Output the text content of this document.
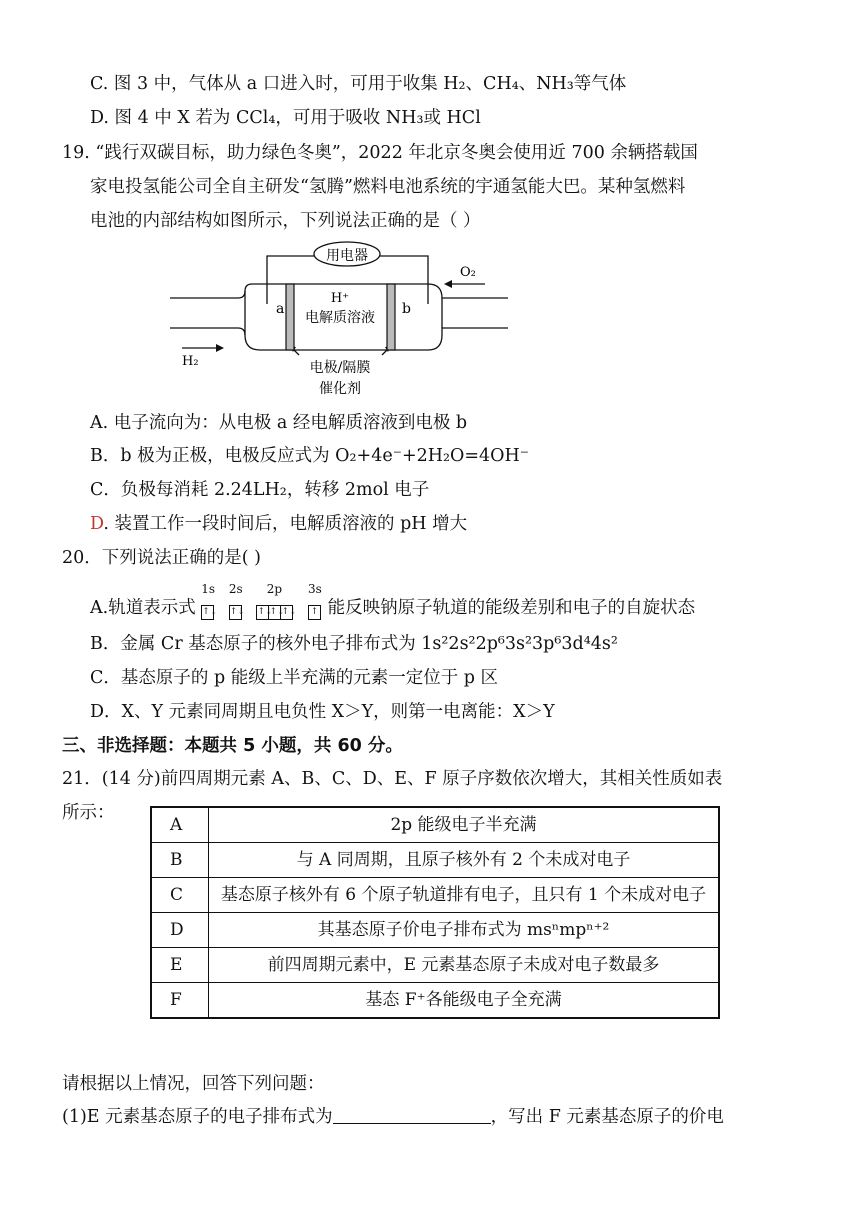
C. 图 3 中，气体从 a 口进入时，可用于收集 H₂、CH₄、NH₃等气体
D. 图 4 中 X 若为 CCl₄，可用于吸收 NH₃或 HCl
19. “践行双碳目标，助力绿色冬奥”，2022 年北京冬奥会使用近 700 余辆搭载国
家电投氢能公司全自主研发“氢腾”燃料电池系统的宇通氢能大巴。某种氢燃料
电池的内部结构如图所示，下列说法正确的是（ ）
用电器
O₂
H₂
H⁺
电解质溶液
a	b
电极/隔膜
催化剂
A. 电子流向为：从电极 a 经电解质溶液到电极 b
B．b 极为正极，电极反应式为 O₂+4e⁻+2H₂O=4OH⁻
C．负极每消耗 2.24LH₂，转移 2mol 电子
D. 装置工作一段时间后，电解质溶液的 pH 增大
20．下列说法正确的是( )
A.轨道表示式
1s
↑↓
2s
↑↓
2p
↑↓↑↓↑↓
3s
↑ 能反映钠原子轨道的能级差别和电子的自旋状态
B．金属 Cr 基态原子的核外电子排布式为 1s²2s²2p⁶3s²3p⁶3d⁴4s²
C．基态原子的 p 能级上半充满的元素一定位于 p 区
D．X、Y 元素同周期且电负性 X＞Y，则第一电离能：X＞Y
三、非选择题：本题共 5 小题，共 60 分。
21．(14 分)前四周期元素 A、B、C、D、E、F 原子序数依次增大，其相关性质如表
所示：
A	2p 能级电子半充满
B	与 A 同周期，且原子核外有 2 个未成对电子
C	基态原子核外有 6 个原子轨道排有电子，且只有 1 个未成对电子
D	其基态原子价电子排布式为 msⁿmpⁿ⁺²
E	前四周期元素中，E 元素基态原子未成对电子数最多
F	基态 F⁺各能级电子全充满
请根据以上情况，回答下列问题：
(1)E 元素基态原子的电子排布式为	，写出 F 元素基态原子的价电
